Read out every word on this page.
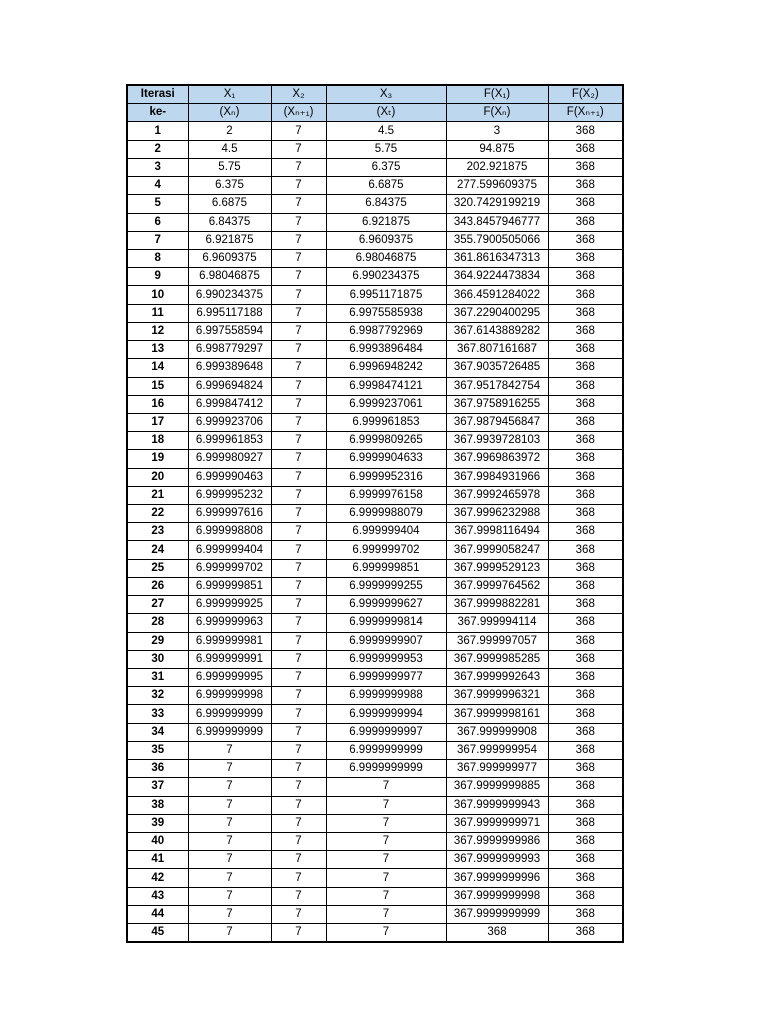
Iterasi	X₁	X₂	X₃	F(X₁)	F(X₂)
ke-	(Xₙ)	(Xₙ₊₁)	(Xₜ)	F(Xₙ)	F(Xₙ₊₁)
1	2	7	4.5	3	368
2	4.5	7	5.75	94.875	368
3	5.75	7	6.375	202.921875	368
4	6.375	7	6.6875	277.599609375	368
5	6.6875	7	6.84375	320.7429199219	368
6	6.84375	7	6.921875	343.8457946777	368
7	6.921875	7	6.9609375	355.7900505066	368
8	6.9609375	7	6.98046875	361.8616347313	368
9	6.98046875	7	6.990234375	364.9224473834	368
10	6.990234375	7	6.9951171875	366.4591284022	368
11	6.995117188	7	6.9975585938	367.2290400295	368
12	6.997558594	7	6.9987792969	367.6143889282	368
13	6.998779297	7	6.9993896484	367.807161687	368
14	6.999389648	7	6.9996948242	367.9035726485	368
15	6.999694824	7	6.9998474121	367.9517842754	368
16	6.999847412	7	6.9999237061	367.9758916255	368
17	6.999923706	7	6.999961853	367.9879456847	368
18	6.999961853	7	6.9999809265	367.9939728103	368
19	6.999980927	7	6.9999904633	367.9969863972	368
20	6.999990463	7	6.9999952316	367.9984931966	368
21	6.999995232	7	6.9999976158	367.9992465978	368
22	6.999997616	7	6.9999988079	367.9996232988	368
23	6.999998808	7	6.999999404	367.9998116494	368
24	6.999999404	7	6.999999702	367.9999058247	368
25	6.999999702	7	6.999999851	367.9999529123	368
26	6.999999851	7	6.9999999255	367.9999764562	368
27	6.999999925	7	6.9999999627	367.9999882281	368
28	6.999999963	7	6.9999999814	367.999994114	368
29	6.999999981	7	6.9999999907	367.999997057	368
30	6.999999991	7	6.9999999953	367.9999985285	368
31	6.999999995	7	6.9999999977	367.9999992643	368
32	6.999999998	7	6.9999999988	367.9999996321	368
33	6.999999999	7	6.9999999994	367.9999998161	368
34	6.999999999	7	6.9999999997	367.999999908	368
35	7	7	6.9999999999	367.999999954	368
36	7	7	6.9999999999	367.999999977	368
37	7	7	7	367.9999999885	368
38	7	7	7	367.9999999943	368
39	7	7	7	367.9999999971	368
40	7	7	7	367.9999999986	368
41	7	7	7	367.9999999993	368
42	7	7	7	367.9999999996	368
43	7	7	7	367.9999999998	368
44	7	7	7	367.9999999999	368
45	7	7	7	368	368
